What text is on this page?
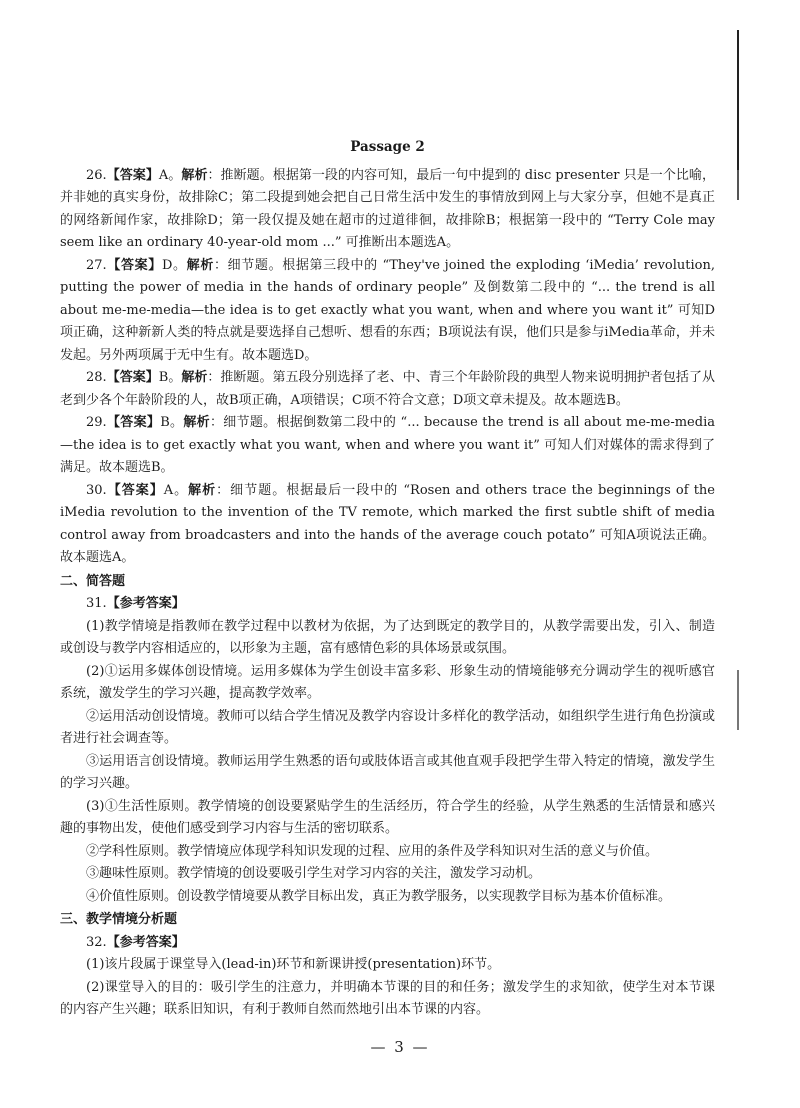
Passage 2

26.【答案】A。解析：推断题。根据第一段的内容可知，最后一句中提到的 disc presenter 只是一个比喻，并非她的真实身份，故排除C；第二段提到她会把自己日常生活中发生的事情放到网上与大家分享，但她不是真正的网络新闻作家，故排除D；第一段仅提及她在超市的过道徘徊，故排除B；根据第一段中的 “Terry Cole may seem like an ordinary 40-year-old mom ...” 可推断出本题选A。

27.【答案】D。解析：细节题。根据第三段中的 “They've joined the exploding ‘iMedia’ revolution, putting the power of media in the hands of ordinary people” 及倒数第二段中的 “... the trend is all about me-me-media—the idea is to get exactly what you want, when and where you want it” 可知D项正确，这种新新人类的特点就是要选择自己想听、想看的东西；B项说法有误，他们只是参与iMedia革命，并未发起。另外两项属于无中生有。故本题选D。

28.【答案】B。解析：推断题。第五段分别选择了老、中、青三个年龄阶段的典型人物来说明拥护者包括了从老到少各个年龄阶段的人，故B项正确，A项错误；C项不符合文意；D项文章未提及。故本题选B。

29.【答案】B。解析：细节题。根据倒数第二段中的 “... because the trend is all about me-me-media—the idea is to get exactly what you want, when and where you want it” 可知人们对媒体的需求得到了满足。故本题选B。

30.【答案】A。解析：细节题。根据最后一段中的 “Rosen and others trace the beginnings of the iMedia revolution to the invention of the TV remote, which marked the first subtle shift of media control away from broadcasters and into the hands of the average couch potato” 可知A项说法正确。故本题选A。

二、简答题

31.【参考答案】

(1)教学情境是指教师在教学过程中以教材为依据，为了达到既定的教学目的，从教学需要出发，引入、制造或创设与教学内容相适应的，以形象为主题，富有感情色彩的具体场景或氛围。

(2)①运用多媒体创设情境。运用多媒体为学生创设丰富多彩、形象生动的情境能够充分调动学生的视听感官系统，激发学生的学习兴趣，提高教学效率。

②运用活动创设情境。教师可以结合学生情况及教学内容设计多样化的教学活动，如组织学生进行角色扮演或者进行社会调查等。

③运用语言创设情境。教师运用学生熟悉的语句或肢体语言或其他直观手段把学生带入特定的情境，激发学生的学习兴趣。

(3)①生活性原则。教学情境的创设要紧贴学生的生活经历，符合学生的经验，从学生熟悉的生活情景和感兴趣的事物出发，使他们感受到学习内容与生活的密切联系。

②学科性原则。教学情境应体现学科知识发现的过程、应用的条件及学科知识对生活的意义与价值。

③趣味性原则。教学情境的创设要吸引学生对学习内容的关注，激发学习动机。

④价值性原则。创设教学情境要从教学目标出发，真正为教学服务，以实现教学目标为基本价值标准。

三、教学情境分析题

32.【参考答案】

(1)该片段属于课堂导入(lead-in)环节和新课讲授(presentation)环节。

(2)课堂导入的目的：吸引学生的注意力，并明确本节课的目的和任务；激发学生的求知欲，使学生对本节课的内容产生兴趣；联系旧知识，有利于教师自然而然地引出本节课的内容。

— 3 —
